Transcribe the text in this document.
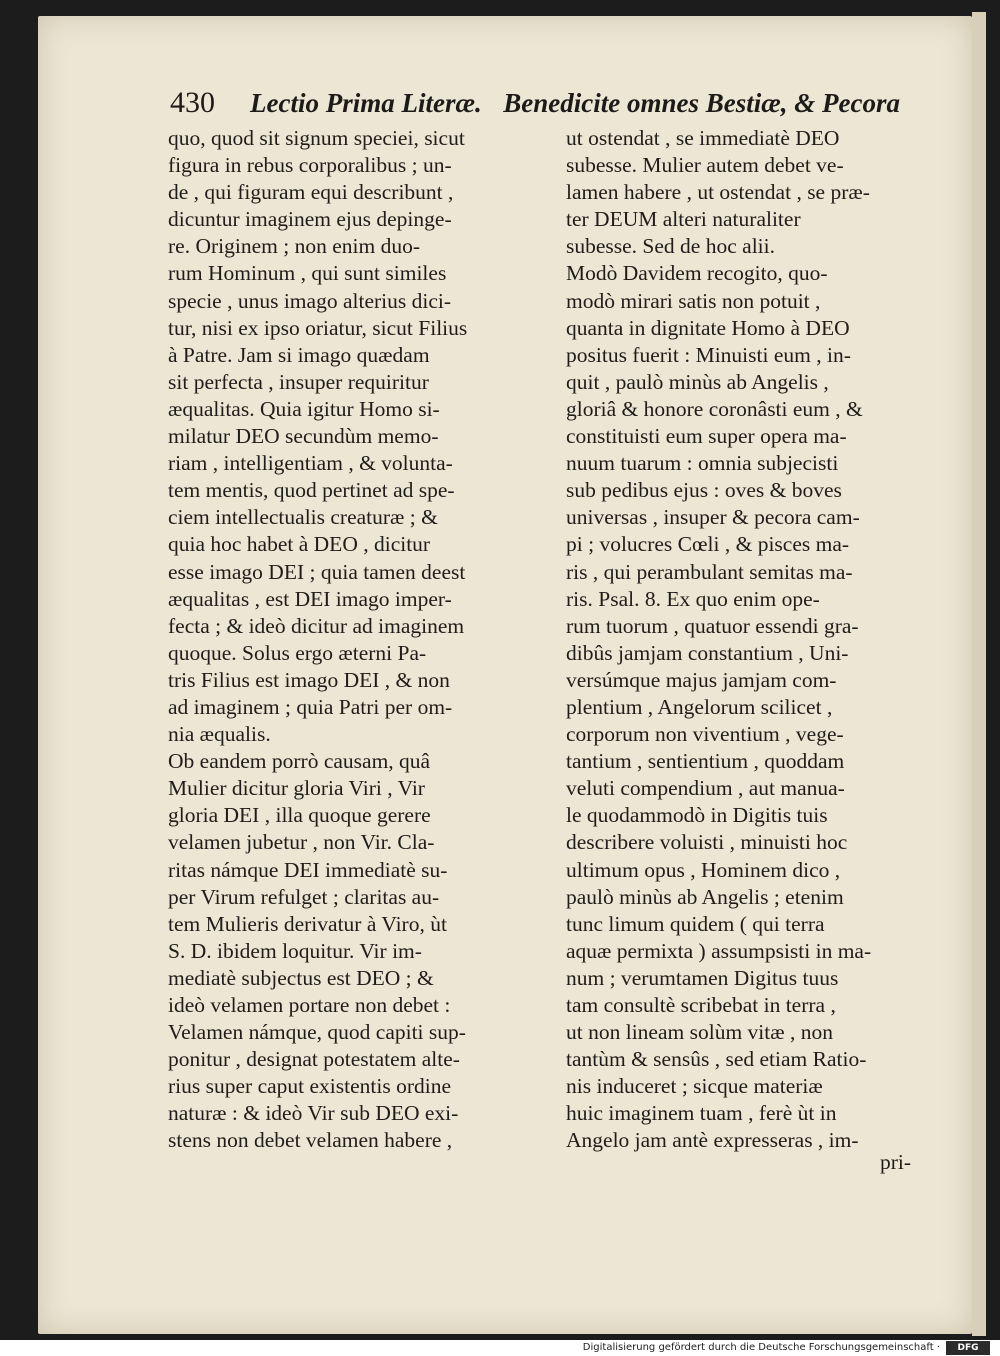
430 Lectio Prima Literæ. Benedicite omnes Bestiæ, & Pecora
quo, quod sit signum speciei, sicut
figura in rebus corporalibus ; un-
de , qui figuram equi describunt ,
dicuntur imaginem ejus depinge-
re. Originem ; non enim duo-
rum Hominum , qui sunt similes
specie , unus imago alterius dici-
tur, nisi ex ipso oriatur, sicut Filius
à Patre. Jam si imago quædam
sit perfecta , insuper requiritur
æqualitas. Quia igitur Homo si-
milatur DEO secundùm memo-
riam , intelligentiam , & volunta-
tem mentis, quod pertinet ad spe-
ciem intellectualis creaturæ ; &
quia hoc habet à DEO , dicitur
esse imago DEI ; quia tamen deest
æqualitas , est DEI imago imper-
fecta ; & ideò dicitur ad imaginem
quoque. Solus ergo æterni Pa-
tris Filius est imago DEI , & non
ad imaginem ; quia Patri per om-
nia æqualis.
Ob eandem porrò causam, quâ
Mulier dicitur gloria Viri , Vir
gloria DEI , illa quoque gerere
velamen jubetur , non Vir. Cla-
ritas námque DEI immediatè su-
per Virum refulget ; claritas au-
tem Mulieris derivatur à Viro, ùt
S. D. ibidem loquitur. Vir im-
mediatè subjectus est DEO ; &
ideò velamen portare non debet :
Velamen námque, quod capiti sup-
ponitur , designat potestatem alte-
rius super caput existentis ordine
naturæ : & ideò Vir sub DEO exi-
stens non debet velamen habere ,
ut ostendat , se immediatè DEO
subesse. Mulier autem debet ve-
lamen habere , ut ostendat , se præ-
ter DEUM alteri naturaliter
subesse. Sed de hoc alii.
Modò Davidem recogito, quo-
modò mirari satis non potuit ,
quanta in dignitate Homo à DEO
positus fuerit : Minuisti eum , in-
quit , paulò minùs ab Angelis ,
gloriâ & honore coronâsti eum , &
constituisti eum super opera ma-
nuum tuarum : omnia subjecisti
sub pedibus ejus : oves & boves
universas , insuper & pecora cam-
pi ; volucres Cœli , & pisces ma-
ris , qui perambulant semitas ma-
ris. Psal. 8. Ex quo enim ope-
rum tuorum , quatuor essendi gra-
dibûs jamjam constantium , Uni-
versúmque majus jamjam com-
plentium , Angelorum scilicet ,
corporum non viventium , vege-
tantium , sentientium , quoddam
veluti compendium , aut manua-
le quodammodò in Digitis tuis
describere voluisti , minuisti hoc
ultimum opus , Hominem dico ,
paulò minùs ab Angelis ; etenim
tunc limum quidem ( qui terra
aquæ permixta ) assumpsisti in ma-
num ; verumtamen Digitus tuus
tam consultè scribebat in terra ,
ut non lineam solùm vitæ , non
tantùm & sensûs , sed etiam Ratio-
nis induceret ; sicque materiæ
huic imaginem tuam , ferè ùt in
Angelo jam antè expresseras , im-
pri-
Digitalisierung gefördert durch die Deutsche Forschungsgemeinschaft ·	DFG
